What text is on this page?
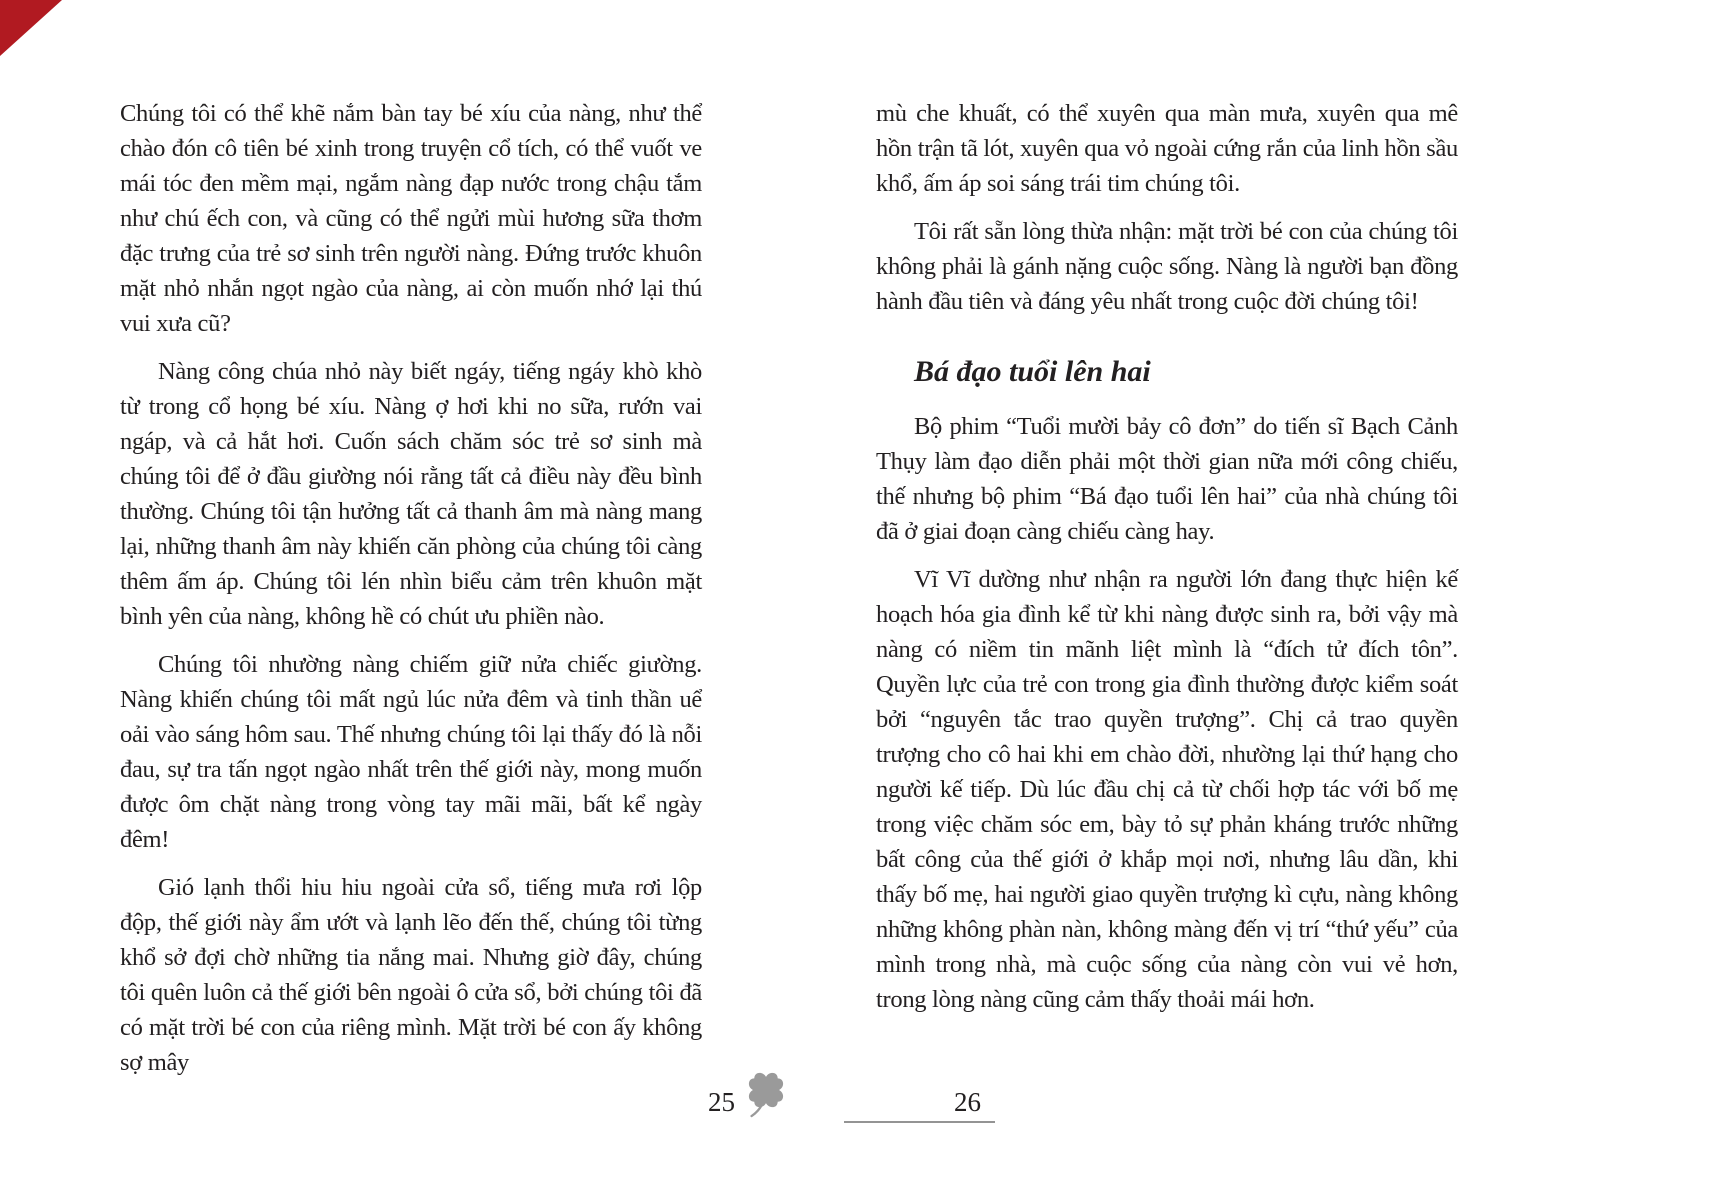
Chúng tôi có thể khẽ nắm bàn tay bé xíu của nàng, như thể chào đón cô tiên bé xinh trong truyện cổ tích, có thể vuốt ve mái tóc đen mềm mại, ngắm nàng đạp nước trong chậu tắm như chú ếch con, và cũng có thể ngửi mùi hương sữa thơm đặc trưng của trẻ sơ sinh trên người nàng. Đứng trước khuôn mặt nhỏ nhắn ngọt ngào của nàng, ai còn muốn nhớ lại thú vui xưa cũ?

Nàng công chúa nhỏ này biết ngáy, tiếng ngáy khò khò từ trong cổ họng bé xíu. Nàng ợ hơi khi no sữa, rướn vai ngáp, và cả hắt hơi. Cuốn sách chăm sóc trẻ sơ sinh mà chúng tôi để ở đầu giường nói rằng tất cả điều này đều bình thường. Chúng tôi tận hưởng tất cả thanh âm mà nàng mang lại, những thanh âm này khiến căn phòng của chúng tôi càng thêm ấm áp. Chúng tôi lén nhìn biểu cảm trên khuôn mặt bình yên của nàng, không hề có chút ưu phiền nào.

Chúng tôi nhường nàng chiếm giữ nửa chiếc giường. Nàng khiến chúng tôi mất ngủ lúc nửa đêm và tinh thần uể oải vào sáng hôm sau. Thế nhưng chúng tôi lại thấy đó là nỗi đau, sự tra tấn ngọt ngào nhất trên thế giới này, mong muốn được ôm chặt nàng trong vòng tay mãi mãi, bất kể ngày đêm!

Gió lạnh thổi hiu hiu ngoài cửa sổ, tiếng mưa rơi lộp độp, thế giới này ẩm ướt và lạnh lẽo đến thế, chúng tôi từng khổ sở đợi chờ những tia nắng mai. Nhưng giờ đây, chúng tôi quên luôn cả thế giới bên ngoài ô cửa sổ, bởi chúng tôi đã có mặt trời bé con của riêng mình. Mặt trời bé con ấy không sợ mây

mù che khuất, có thể xuyên qua màn mưa, xuyên qua mê hồn trận tã lót, xuyên qua vỏ ngoài cứng rắn của linh hồn sầu khổ, ấm áp soi sáng trái tim chúng tôi.

Tôi rất sẵn lòng thừa nhận: mặt trời bé con của chúng tôi không phải là gánh nặng cuộc sống. Nàng là người bạn đồng hành đầu tiên và đáng yêu nhất trong cuộc đời chúng tôi!

Bá đạo tuổi lên hai

Bộ phim “Tuổi mười bảy cô đơn” do tiến sĩ Bạch Cảnh Thụy làm đạo diễn phải một thời gian nữa mới công chiếu, thế nhưng bộ phim “Bá đạo tuổi lên hai” của nhà chúng tôi đã ở giai đoạn càng chiếu càng hay.

Vĩ Vĩ dường như nhận ra người lớn đang thực hiện kế hoạch hóa gia đình kể từ khi nàng được sinh ra, bởi vậy mà nàng có niềm tin mãnh liệt mình là “đích tử đích tôn”. Quyền lực của trẻ con trong gia đình thường được kiểm soát bởi “nguyên tắc trao quyền trượng”. Chị cả trao quyền trượng cho cô hai khi em chào đời, nhường lại thứ hạng cho người kế tiếp. Dù lúc đầu chị cả từ chối hợp tác với bố mẹ trong việc chăm sóc em, bày tỏ sự phản kháng trước những bất công của thế giới ở khắp mọi nơi, nhưng lâu dần, khi thấy bố mẹ, hai người giao quyền trượng kì cựu, nàng không những không phàn nàn, không màng đến vị trí “thứ yếu” của mình trong nhà, mà cuộc sống của nàng còn vui vẻ hơn, trong lòng nàng cũng cảm thấy thoải mái hơn.

25	26
